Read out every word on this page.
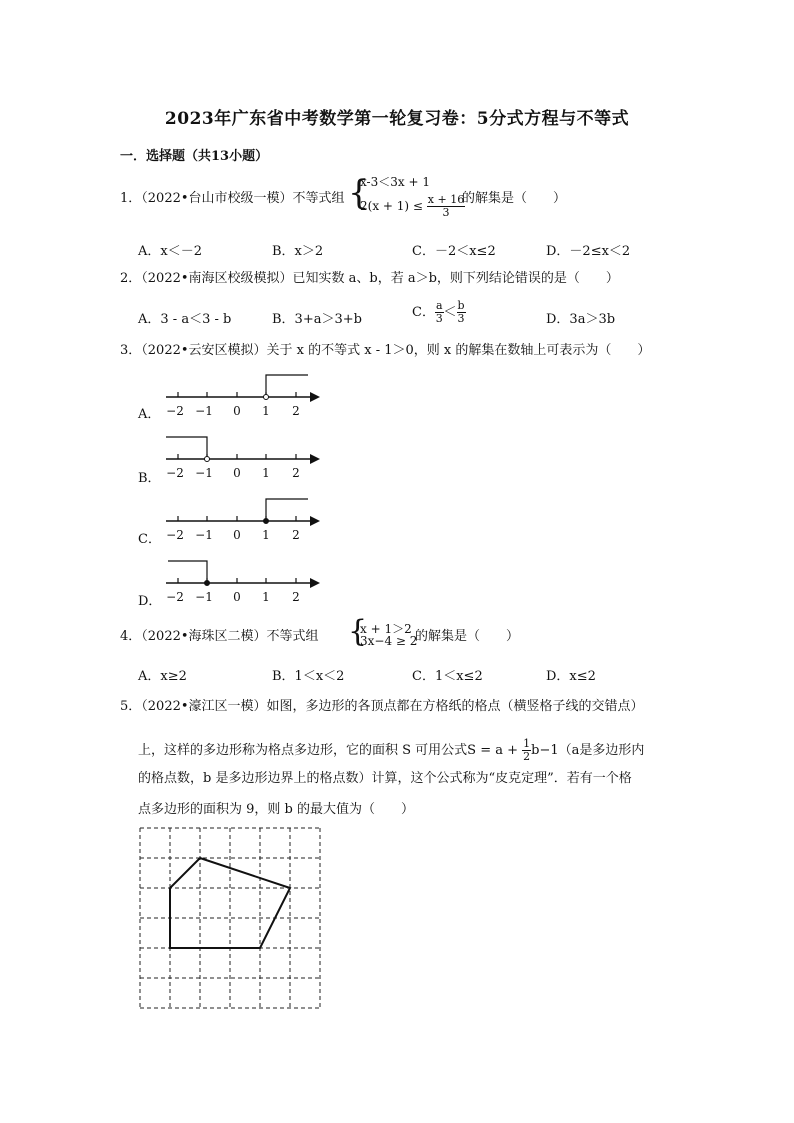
2023年广东省中考数学第一轮复习卷：5分式方程与不等式
一．选择题（共13小题）
1．（2022•台山市校级一模）不等式组 {
x-3＜3x + 1
$2(x + 1) \le \frac{x + 16}{3}$
的解集是（　　）
A．x＜－2	B．x＞2	C．－2＜x≤2	D．－2≤x＜2
2．（2022•南海区校级模拟）已知实数 a、b，若 a＞b，则下列结论错误的是（　　）
A．3 - a＜3 - b	B．3+a＞3+b	C． $\frac{a}{3} < \frac{b}{3}$	D．3a＞3b
3．（2022•云安区模拟）关于 x 的不等式 x - 1＞0，则 x 的解集在数轴上可表示为（　　）
A． −2 −1 0 1 2
B． −2 −1 0 1 2
C． −2 −1 0 1 2
D． −2 −1 0 1 2
4．（2022•海珠区二模）不等式组 {
x + 1＞2
3x−4 ≥ 2
的解集是（　　）
A．x≥2	B．1＜x＜2	C．1＜x≤2	D．x≤2
5．（2022•濠江区一模）如图，多边形的各顶点都在方格纸的格点（横竖格子线的交错点）
上，这样的多边形称为格点多边形，它的面积 S 可用公式$S = a + \frac{1}{2} b-1(a$是多边形内
的格点数，b 是多边形边界上的格点数）计算，这个公式称为“皮克定理”．若有一个格
点多边形的面积为 9，则 b 的最大值为（　　）
